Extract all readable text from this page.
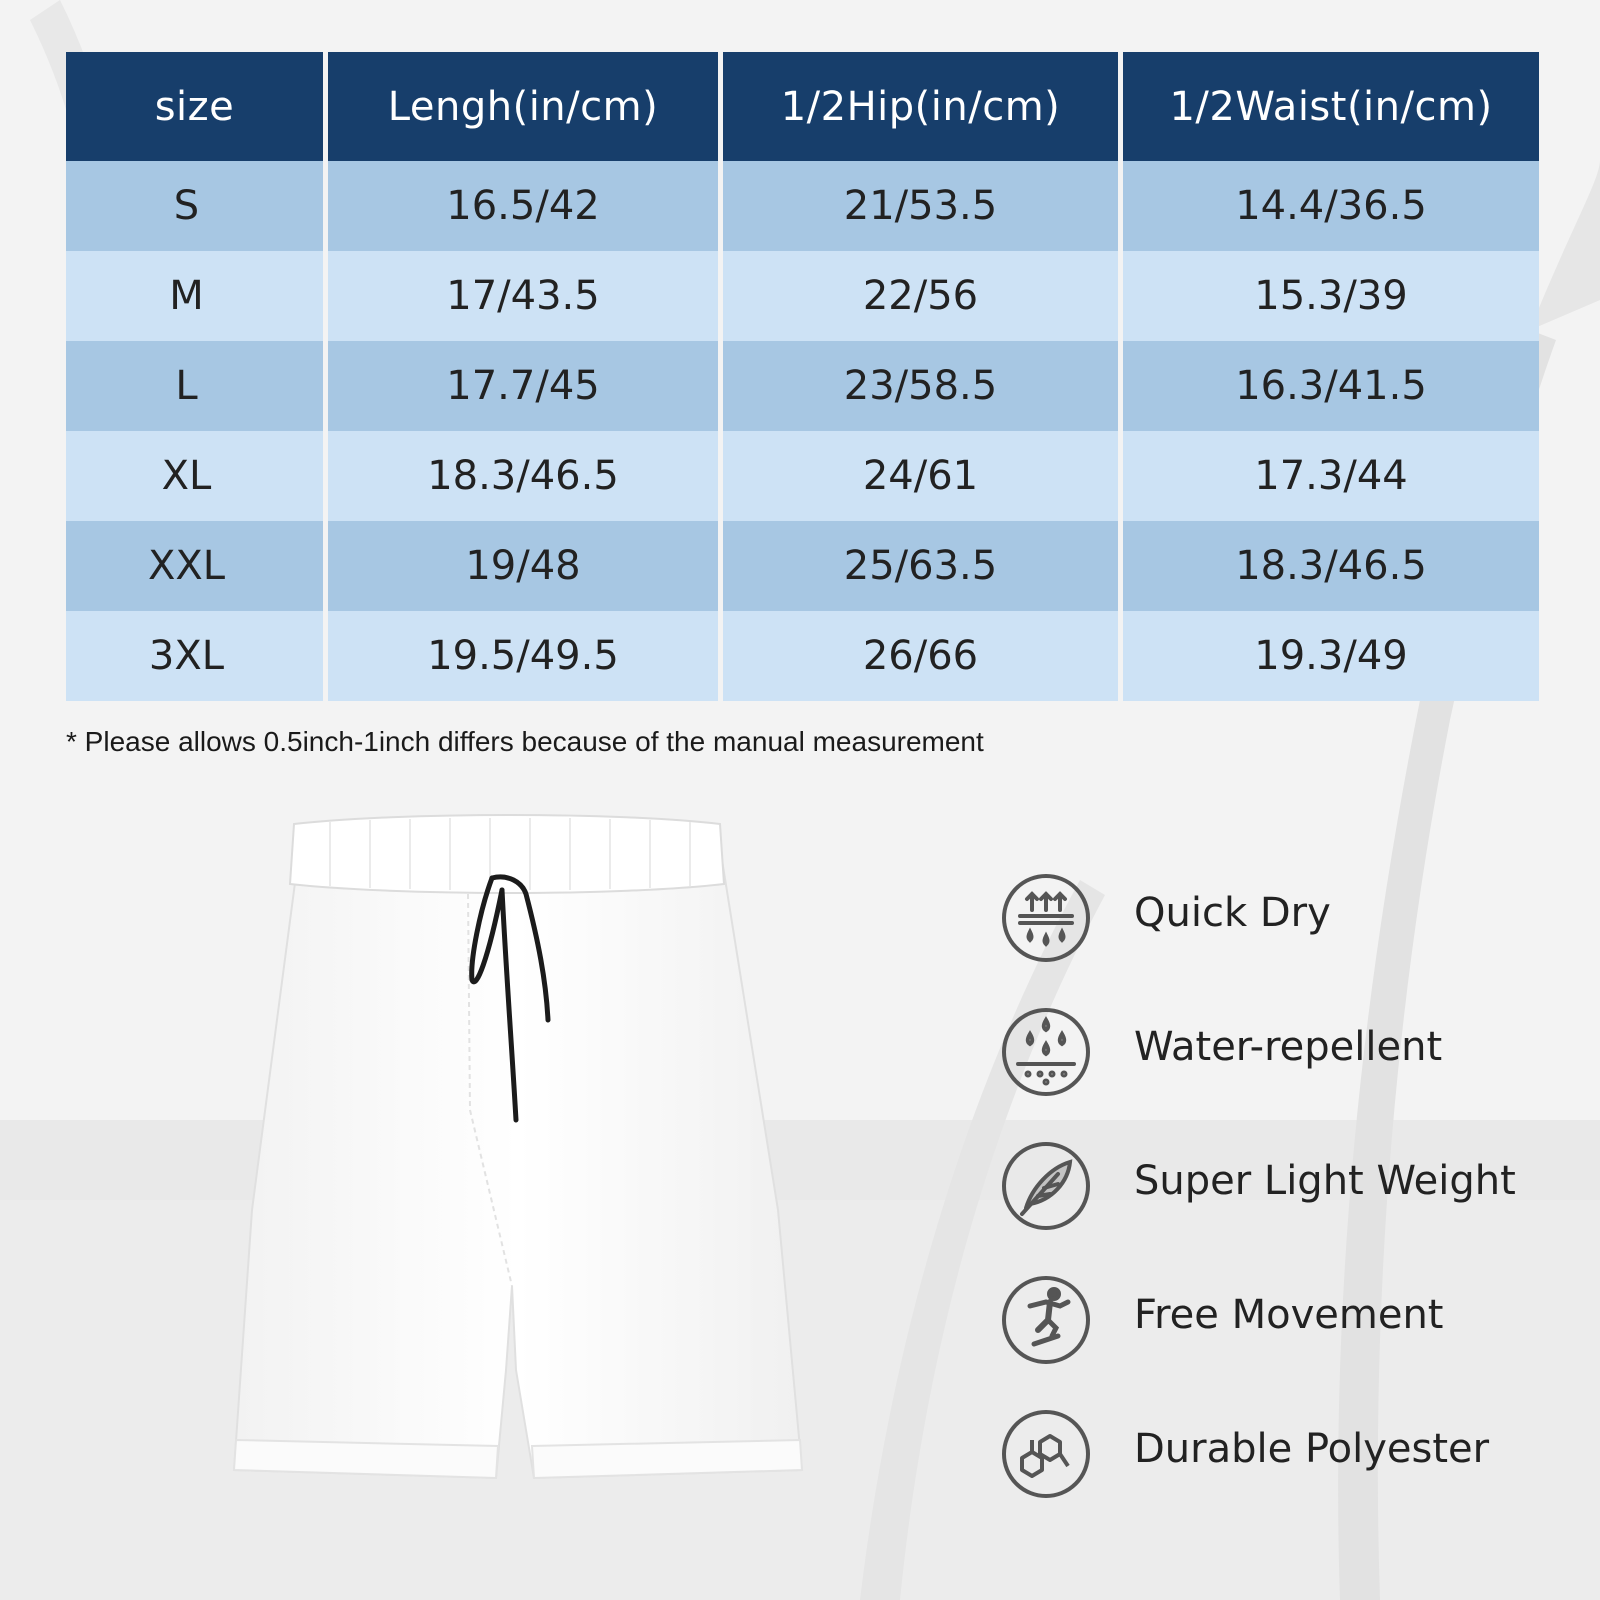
size	Lengh(in/cm)	1/2Hip(in/cm)	1/2Waist(in/cm)
S	16.5/42	21/53.5	14.4/36.5
M	17/43.5	22/56	15.3/39
L	17.7/45	23/58.5	16.3/41.5
XL	18.3/46.5	24/61	17.3/44
XXL	19/48	25/63.5	18.3/46.5
3XL	19.5/49.5	26/66	19.3/49
* Please allows 0.5inch-1inch differs because of the manual measurement
Quick Dry
Water-repellent
Super Light Weight
Free Movement
Durable Polyester
